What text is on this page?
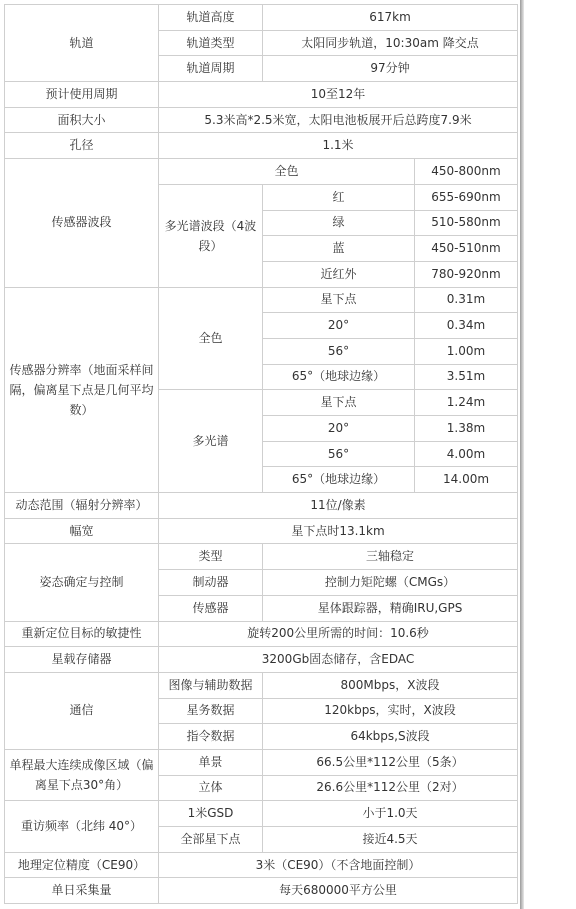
轨道	轨道高度	617km	
	轨道类型	太阳同步轨道，10:30am 降交点	
	轨道周期	97分钟	
预计使用周期	10至12年		
面积大小	5.3米高*2.5米宽，太阳电池板展开后总跨度7.9米		
孔径	1.1米		
传感器波段	全色		450-800nm
	多光谱波段（4波段）	红	655-690nm
		绿	510-580nm
		蓝	450-510nm
		近红外	780-920nm
传感器分辨率（地面采样间隔，偏离星下点是几何平均数）	全色	星下点	0.31m
		20°	0.34m
		56°	1.00m
		65°（地球边缘）	3.51m
	多光谱	星下点	1.24m
		20°	1.38m
		56°	4.00m
		65°（地球边缘）	14.00m
动态范围（辐射分辨率）	11位/像素		
幅宽	星下点时13.1km		
姿态确定与控制	类型	三轴稳定	
	制动器	控制力矩陀螺（CMGs）	
	传感器	星体跟踪器，精确IRU,GPS	
重新定位目标的敏捷性	旋转200公里所需的时间：10.6秒		
星载存储器	3200Gb固态储存，含EDAC		
通信	图像与辅助数据	800Mbps，X波段	
	星务数据	120kbps，实时，X波段	
	指令数据	64kbps,S波段	
单程最大连续成像区域（偏离星下点30°角）	单景	66.5公里*112公里（5条）	
	立体	26.6公里*112公里（2对）	
重访频率（北纬 40°）	1米GSD	小于1.0天	
	全部星下点	接近4.5天	
地理定位精度（CE90）	3米（CE90）（不含地面控制）		
单日采集量	每天680000平方公里		
